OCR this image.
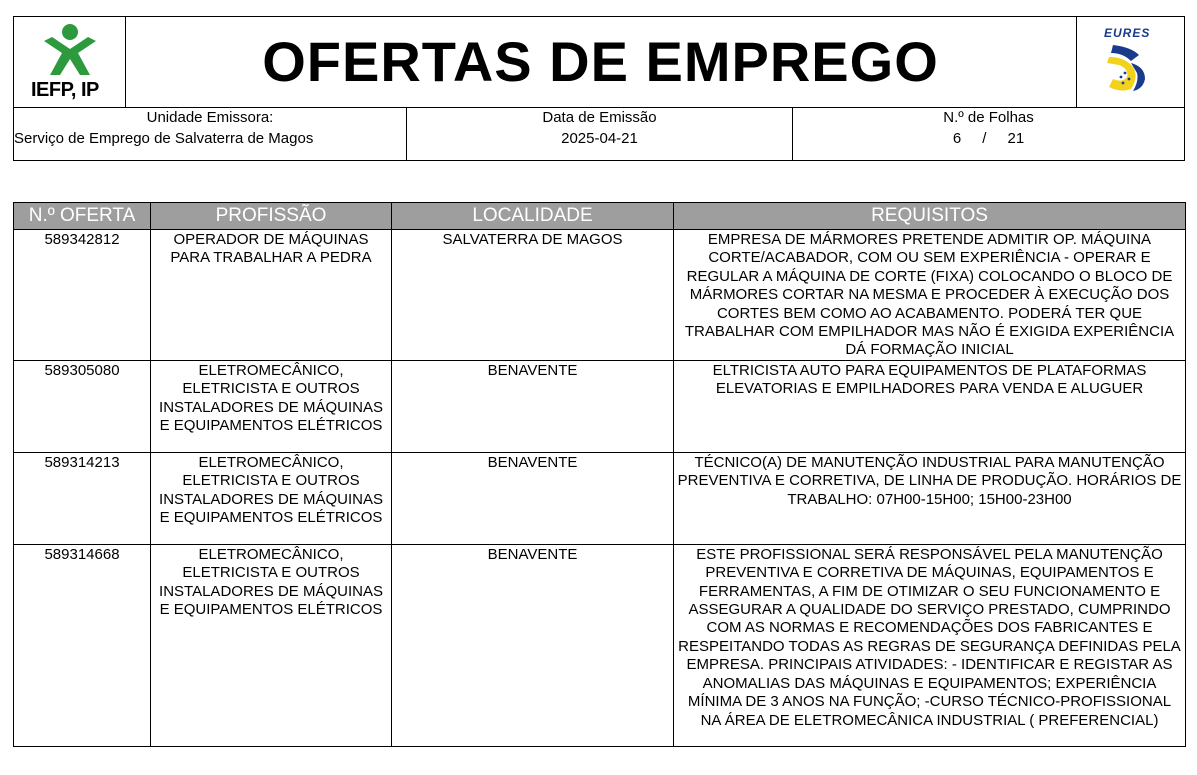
IEFP, IP	OFERTAS DE EMPREGO	EURES
Unidade Emissora:
Serviço de Emprego de Salvaterra de Magos
Data de Emissão
2025-04-21
N.º de Folhas
6 / 21
N.º OFERTA	PROFISSÃO	LOCALIDADE	REQUISITOS
589342812	OPERADOR DE MÁQUINAS PARA TRABALHAR A PEDRA	SALVATERRA DE MAGOS	EMPRESA DE MÁRMORES PRETENDE ADMITIR OP. MÁQUINA CORTE/ACABADOR, COM OU SEM EXPERIÊNCIA - OPERAR E REGULAR A MÁQUINA DE CORTE (FIXA) COLOCANDO O BLOCO DE MÁRMORES CORTAR NA MESMA E PROCEDER À EXECUÇÃO DOS CORTES BEM COMO AO ACABAMENTO. PODERÁ TER QUE TRABALHAR COM EMPILHADOR MAS NÃO É EXIGIDA EXPERIÊNCIA DÁ FORMAÇÃO INICIAL
589305080	ELETROMECÂNICO, ELETRICISTA E OUTROS INSTALADORES DE MÁQUINAS E EQUIPAMENTOS ELÉTRICOS	BENAVENTE	ELTRICISTA AUTO PARA EQUIPAMENTOS DE PLATAFORMAS ELEVATORIAS E EMPILHADORES PARA VENDA E ALUGUER
589314213	ELETROMECÂNICO, ELETRICISTA E OUTROS INSTALADORES DE MÁQUINAS E EQUIPAMENTOS ELÉTRICOS	BENAVENTE	TÉCNICO(A) DE MANUTENÇÃO INDUSTRIAL PARA MANUTENÇÃO PREVENTIVA E CORRETIVA, DE LINHA DE PRODUÇÃO. HORÁRIOS DE TRABALHO: 07H00-15H00; 15H00-23H00
589314668	ELETROMECÂNICO, ELETRICISTA E OUTROS INSTALADORES DE MÁQUINAS E EQUIPAMENTOS ELÉTRICOS	BENAVENTE	ESTE PROFISSIONAL SERÁ RESPONSÁVEL PELA MANUTENÇÃO PREVENTIVA E CORRETIVA DE MÁQUINAS, EQUIPAMENTOS E FERRAMENTAS, A FIM DE OTIMIZAR O SEU FUNCIONAMENTO E ASSEGURAR A QUALIDADE DO SERVIÇO PRESTADO, CUMPRINDO COM AS NORMAS E RECOMENDAÇÕES DOS FABRICANTES E RESPEITANDO TODAS AS REGRAS DE SEGURANÇA DEFINIDAS PELA EMPRESA. PRINCIPAIS ATIVIDADES: - IDENTIFICAR E REGISTAR AS ANOMALIAS DAS MÁQUINAS E EQUIPAMENTOS; EXPERIÊNCIA MÍNIMA DE 3 ANOS NA FUNÇÃO; -CURSO TÉCNICO-PROFISSIONAL NA ÁREA DE ELETROMECÂNICA INDUSTRIAL ( PREFERENCIAL)
